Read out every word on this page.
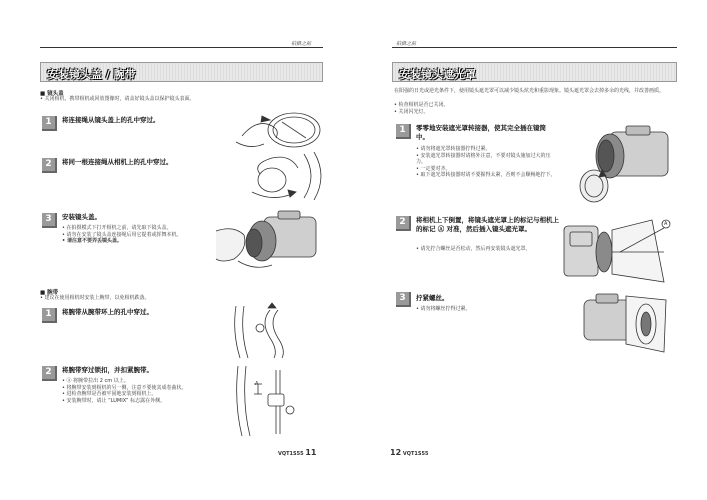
拍摄之前
安装镜头盖 / 腕带
■ 镜头盖
• 关闭相机，携带相机或回放图像时，请盖好镜头盖以保护镜头表面。
1	将连接绳从镜头盖上的孔中穿过。
2	将同一根连接绳从相机上的孔中穿过。
3	安装镜头盖。
• 在拍摄模式下打开相机之前，请先取下镜头盖。
• 请勿在安装了镜头盖连接绳后用它提着或挥舞本机。
• 请注意不要弄丢镜头盖。
■ 腕带
• 建议在使用相机时安装上腕带，以免相机跌落。
1	将腕带从腕带环上的孔中穿过。
2	将腕带穿过锁扣，并扣紧腕带。
• Ⓐ 将腕带拉出 2 cm 以上。
• 将腕带安装到相机的另一侧，注意不要使其成卷曲状。
• 进检查腕带是否被牢固地安装到相机上。
• 安装腕带时，请让 “LUMIX” 标志露在外侧。
A
VQT1S55 11
拍摄之前
安装镜头遮光罩
在阳强的日光或逆光条件下，使用镜头遮光罩可以减少镜头炫光和重影现象。镜头遮光罩会去掉多余的光线，并改善画质。
• 检查相机是否已关闭。
• 关闭闪光灯。
1	零零地安装遮光罩转接器，使其完全插在镜筒中。
• 请勿将遮光罩转接器拧得过紧。
• 安装遮光罩转接器时请格外注意，不要对镜头施加过大的压力。
• 一定要对齐。
• 取下遮光罩转接器时请不要握得太紧，否则不会顺畅地拧下。
2	将相机上下倒置，将镜头遮光罩上的标记与相机上的标记 Ⓐ 对准，然后插入镜头遮光罩。
• 请先拧合螺丝是否松动，然后再安装镜头遮光罩。
A
3	拧紧螺丝。
• 请勿将螺丝拧得过紧。
12 VQT1S55
